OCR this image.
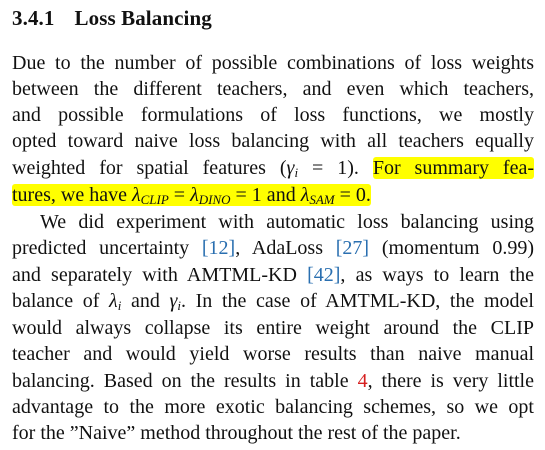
3.4.1 Loss Balancing
Due to the number of possible combinations of loss weights
between the different teachers, and even which teachers,
and possible formulations of loss functions, we mostly
opted toward naive loss balancing with all teachers equally
weighted for spatial features $(\gamma_i = 1)$. For summary fea-
tures, we have $\lambda_{CLIP} = \lambda_{DINO} = 1$ and $\lambda_{SAM} = 0$.
We did experiment with automatic loss balancing using
predicted uncertainty [12], AdaLoss [27] (momentum 0.99)
and separately with AMTML-KD [42], as ways to learn the
balance of $\lambda_i$ and $\gamma_i$. In the case of AMTML-KD, the model
would always collapse its entire weight around the CLIP
teacher and would yield worse results than naive manual
balancing. Based on the results in table 4, there is very little
advantage to the more exotic balancing schemes, so we opt
for the ”Naive” method throughout the rest of the paper.
